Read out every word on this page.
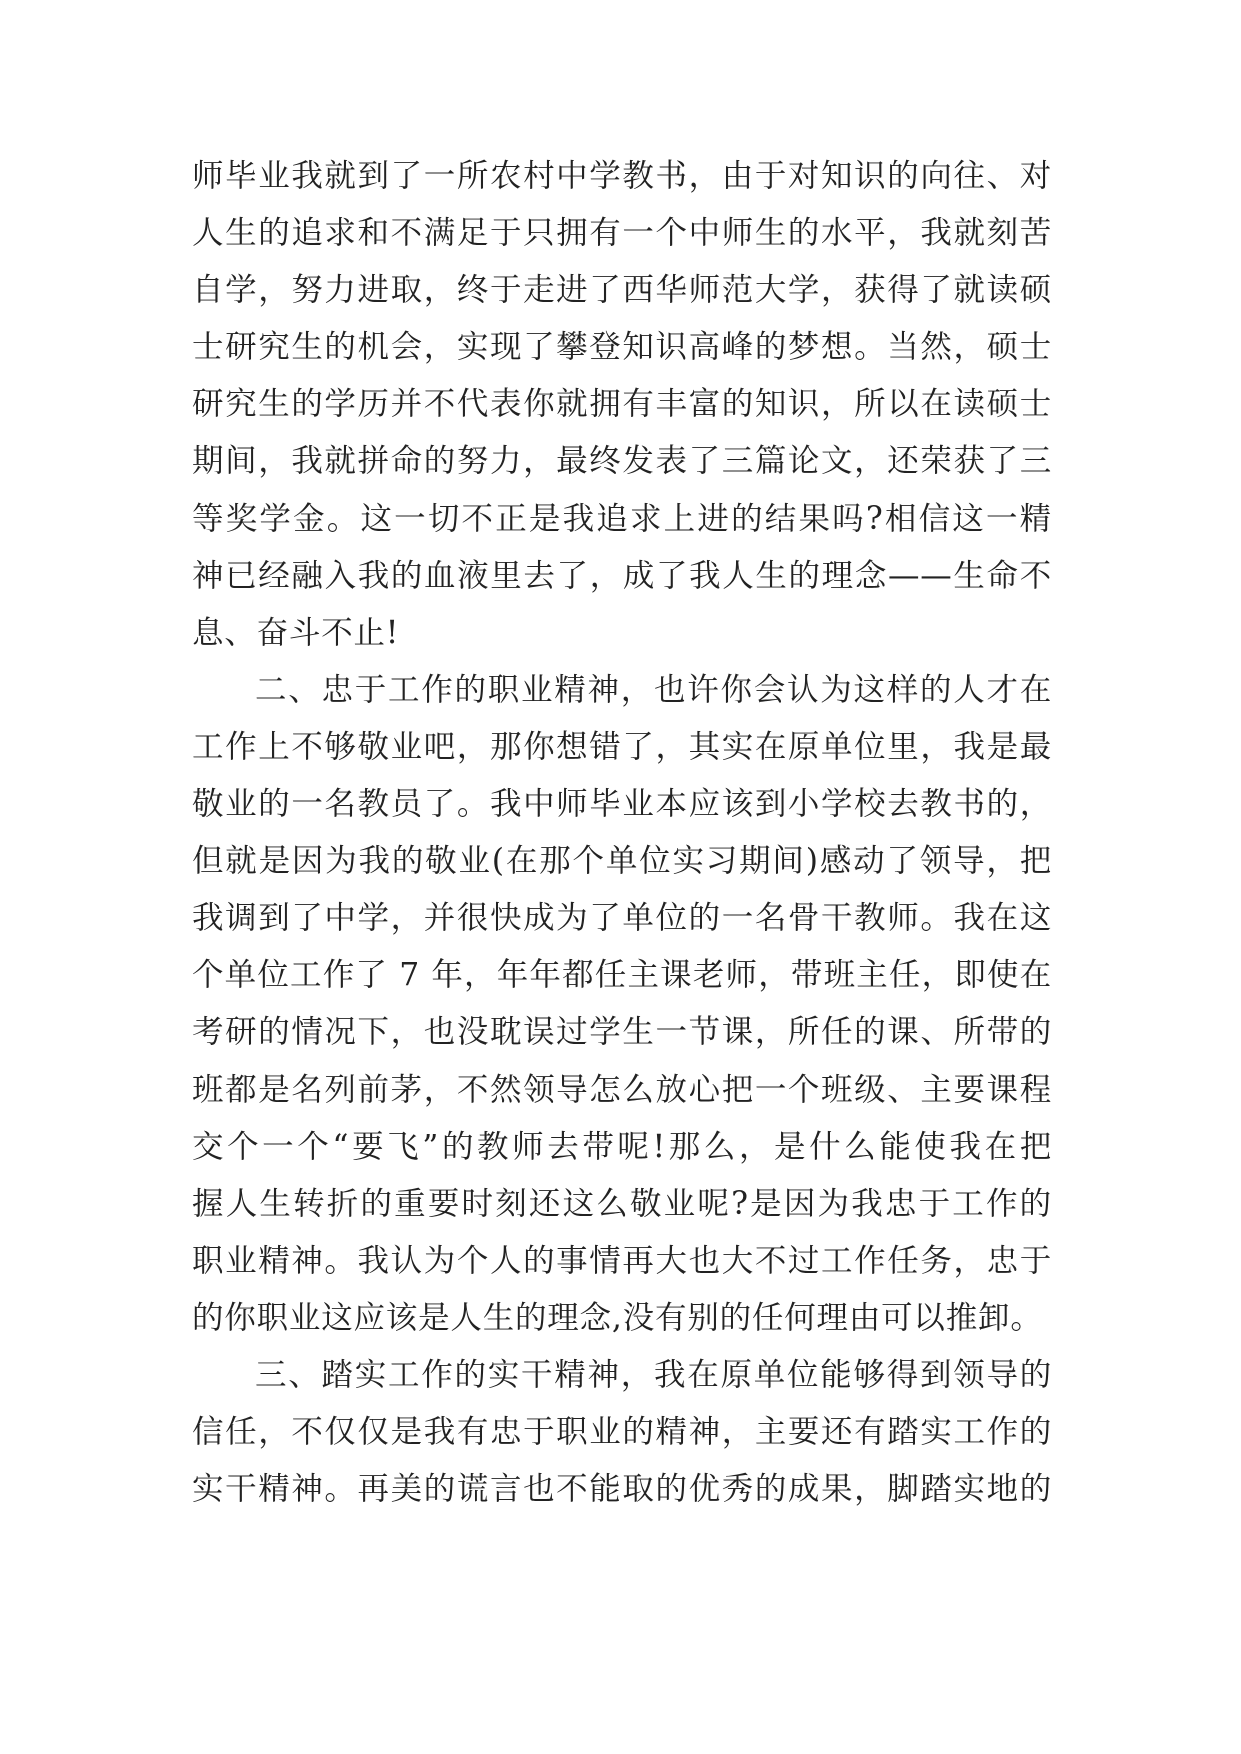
师毕业我就到了一所农村中学教书，由于对知识的向往、对
人生的追求和不满足于只拥有一个中师生的水平，我就刻苦
自学，努力进取，终于走进了西华师范大学，获得了就读硕
士研究生的机会，实现了攀登知识高峰的梦想。当然，硕士
研究生的学历并不代表你就拥有丰富的知识，所以在读硕士
期间，我就拼命的努力，最终发表了三篇论文，还荣获了三
等奖学金。这一切不正是我追求上进的结果吗?相信这一精
神已经融入我的血液里去了，成了我人生的理念——生命不
息、奋斗不止!
二、忠于工作的职业精神，也许你会认为这样的人才在
工作上不够敬业吧，那你想错了，其实在原单位里，我是最
敬业的一名教员了。我中师毕业本应该到小学校去教书的，
但就是因为我的敬业(在那个单位实习期间)感动了领导，把
我调到了中学，并很快成为了单位的一名骨干教师。我在这
个单位工作了 7 年，年年都任主课老师，带班主任，即使在
考研的情况下，也没耽误过学生一节课，所任的课、所带的
班都是名列前茅，不然领导怎么放心把一个班级、主要课程
交个一个“要飞”的教师去带呢!那么，是什么能使我在把
握人生转折的重要时刻还这么敬业呢?是因为我忠于工作的
职业精神。我认为个人的事情再大也大不过工作任务，忠于
的你职业这应该是人生的理念,没有别的任何理由可以推卸。
三、踏实工作的实干精神，我在原单位能够得到领导的
信任，不仅仅是我有忠于职业的精神，主要还有踏实工作的
实干精神。再美的谎言也不能取的优秀的成果，脚踏实地的
